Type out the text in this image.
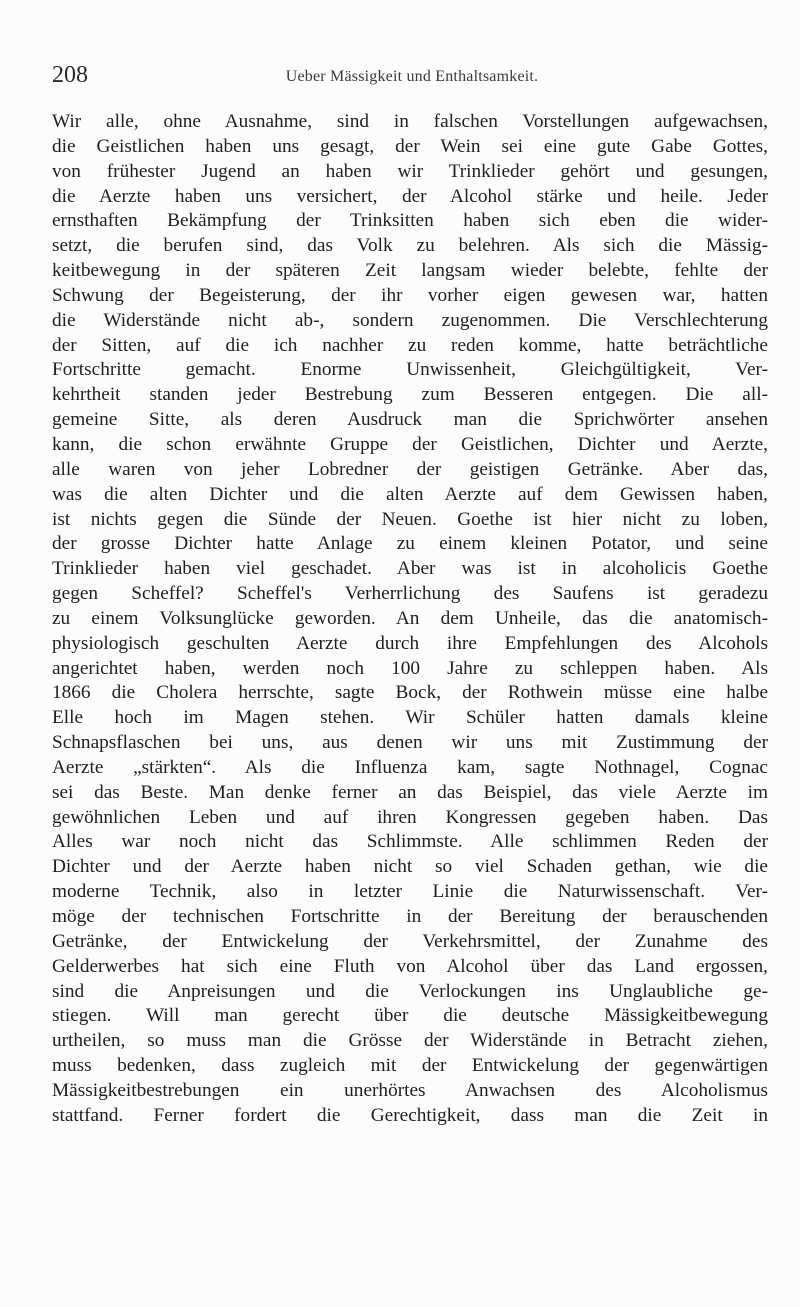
208	Ueber Mässigkeit und Enthaltsamkeit.
Wir alle, ohne Ausnahme, sind in falschen Vorstellungen aufgewachsen,
die Geistlichen haben uns gesagt, der Wein sei eine gute Gabe Gottes,
von frühester Jugend an haben wir Trinklieder gehört und gesungen,
die Aerzte haben uns versichert, der Alcohol stärke und heile. Jeder
ernsthaften Bekämpfung der Trinksitten haben sich eben die wider-
setzt, die berufen sind, das Volk zu belehren. Als sich die Mässig-
keitbewegung in der späteren Zeit langsam wieder belebte, fehlte der
Schwung der Begeisterung, der ihr vorher eigen gewesen war, hatten
die Widerstände nicht ab-, sondern zugenommen. Die Verschlechterung
der Sitten, auf die ich nachher zu reden komme, hatte beträchtliche
Fortschritte gemacht. Enorme Unwissenheit, Gleichgültigkeit, Ver-
kehrtheit standen jeder Bestrebung zum Besseren entgegen. Die all-
gemeine Sitte, als deren Ausdruck man die Sprichwörter ansehen
kann, die schon erwähnte Gruppe der Geistlichen, Dichter und Aerzte,
alle waren von jeher Lobredner der geistigen Getränke. Aber das,
was die alten Dichter und die alten Aerzte auf dem Gewissen haben,
ist nichts gegen die Sünde der Neuen. Goethe ist hier nicht zu loben,
der grosse Dichter hatte Anlage zu einem kleinen Potator, und seine
Trinklieder haben viel geschadet. Aber was ist in alcoholicis Goethe
gegen Scheffel? Scheffel's Verherrlichung des Saufens ist geradezu
zu einem Volksunglücke geworden. An dem Unheile, das die anatomisch-
physiologisch geschulten Aerzte durch ihre Empfehlungen des Alcohols
angerichtet haben, werden noch 100 Jahre zu schleppen haben. Als
1866 die Cholera herrschte, sagte Bock, der Rothwein müsse eine halbe
Elle hoch im Magen stehen. Wir Schüler hatten damals kleine
Schnapsflaschen bei uns, aus denen wir uns mit Zustimmung der
Aerzte „stärkten“. Als die Influenza kam, sagte Nothnagel, Cognac
sei das Beste. Man denke ferner an das Beispiel, das viele Aerzte im
gewöhnlichen Leben und auf ihren Kongressen gegeben haben. Das
Alles war noch nicht das Schlimmste. Alle schlimmen Reden der
Dichter und der Aerzte haben nicht so viel Schaden gethan, wie die
moderne Technik, also in letzter Linie die Naturwissenschaft. Ver-
möge der technischen Fortschritte in der Bereitung der berauschenden
Getränke, der Entwickelung der Verkehrsmittel, der Zunahme des
Gelderwerbes hat sich eine Fluth von Alcohol über das Land ergossen,
sind die Anpreisungen und die Verlockungen ins Unglaubliche ge-
stiegen. Will man gerecht über die deutsche Mässigkeitbewegung
urtheilen, so muss man die Grösse der Widerstände in Betracht ziehen,
muss bedenken, dass zugleich mit der Entwickelung der gegenwärtigen
Mässigkeitbestrebungen ein unerhörtes Anwachsen des Alcoholismus
stattfand. Ferner fordert die Gerechtigkeit, dass man die Zeit in
